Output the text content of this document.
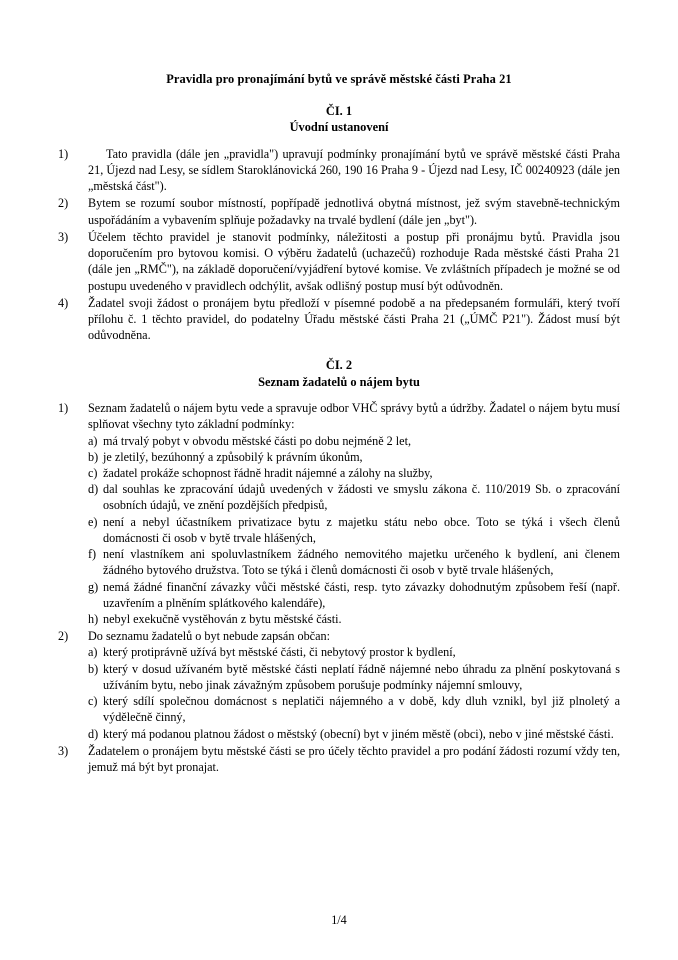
Pravidla pro pronajímání bytů ve správě městské části Praha 21
ČI. 1
Úvodní ustanovení
1)	Tato pravidla (dále jen „pravidla") upravují podmínky pronajímání bytů ve správě městské části Praha 21, Újezd nad Lesy, se sídlem Staroklánovická 260, 190 16 Praha 9 - Újezd nad Lesy, IČ 00240923 (dále jen „městská část").

2)	Bytem se rozumí soubor místností, popřípadě jednotlivá obytná místnost, jež svým stavebně-technickým uspořádáním a vybavením splňuje požadavky na trvalé bydlení (dále jen „byt").

3)	Účelem těchto pravidel je stanovit podmínky, náležitosti a postup při pronájmu bytů. Pravidla jsou doporučením pro bytovou komisi. O výběru žadatelů (uchazečů) rozhoduje Rada městské části Praha 21 (dále jen „RMČ"), na základě doporučení/vyjádření bytové komise. Ve zvláštních případech je možné se od postupu uvedeného v pravidlech odchýlit, avšak odlišný postup musí být odůvodněn.

4)	Žadatel svoji žádost o pronájem bytu předloží v písemné podobě a na předepsaném formuláři, který tvoří přílohu č. 1 těchto pravidel, do podatelny Úřadu městské části Praha 21 („ÚMČ P21"). Žádost musí být odůvodněna.

ČI. 2
Seznam žadatelů o nájem bytu
1)	Seznam žadatelů o nájem bytu vede a spravuje odbor VHČ správy bytů a údržby. Žadatel o nájem bytu musí splňovat všechny tyto základní podmínky:

a) má trvalý pobyt v obvodu městské části po dobu nejméně 2 let,
b) je zletilý, bezúhonný a způsobilý k právním úkonům,
c) žadatel prokáže schopnost řádně hradit nájemné a zálohy na služby,
d) dal souhlas ke zpracování údajů uvedených v žádosti ve smyslu zákona č. 110/2019 Sb. o zpracování osobních údajů, ve znění pozdějších předpisů,
e) není a nebyl účastníkem privatizace bytu z majetku státu nebo obce. Toto se týká i všech členů domácnosti či osob v bytě trvale hlášených,
f) není vlastníkem ani spoluvlastníkem žádného nemovitého majetku určeného k bydlení, ani členem žádného bytového družstva. Toto se týká i členů domácnosti či osob v bytě trvale hlášených,
g) nemá žádné finanční závazky vůči městské části, resp. tyto závazky dohodnutým způsobem řeší (např. uzavřením a plněním splátkového kalendáře),
h) nebyl exekučně vystěhován z bytu městské části.
2)	Do seznamu žadatelů o byt nebude zapsán občan:

a) který protiprávně užívá byt městské části, či nebytový prostor k bydlení,
b) který v dosud užívaném bytě městské části neplatí řádně nájemné nebo úhradu za plnění poskytovaná s užíváním bytu, nebo jinak závažným způsobem porušuje podmínky nájemní smlouvy,
c) který sdílí společnou domácnost s neplatiči nájemného a v době, kdy dluh vznikl, byl již plnoletý a výdělečně činný,
d) který má podanou platnou žádost o městský (obecní) byt v jiném městě (obci), nebo v jiné městské části.
3)	Žadatelem o pronájem bytu městské části se pro účely těchto pravidel a pro podání žádosti rozumí vždy ten, jemuž má být byt pronajat.

1/4
